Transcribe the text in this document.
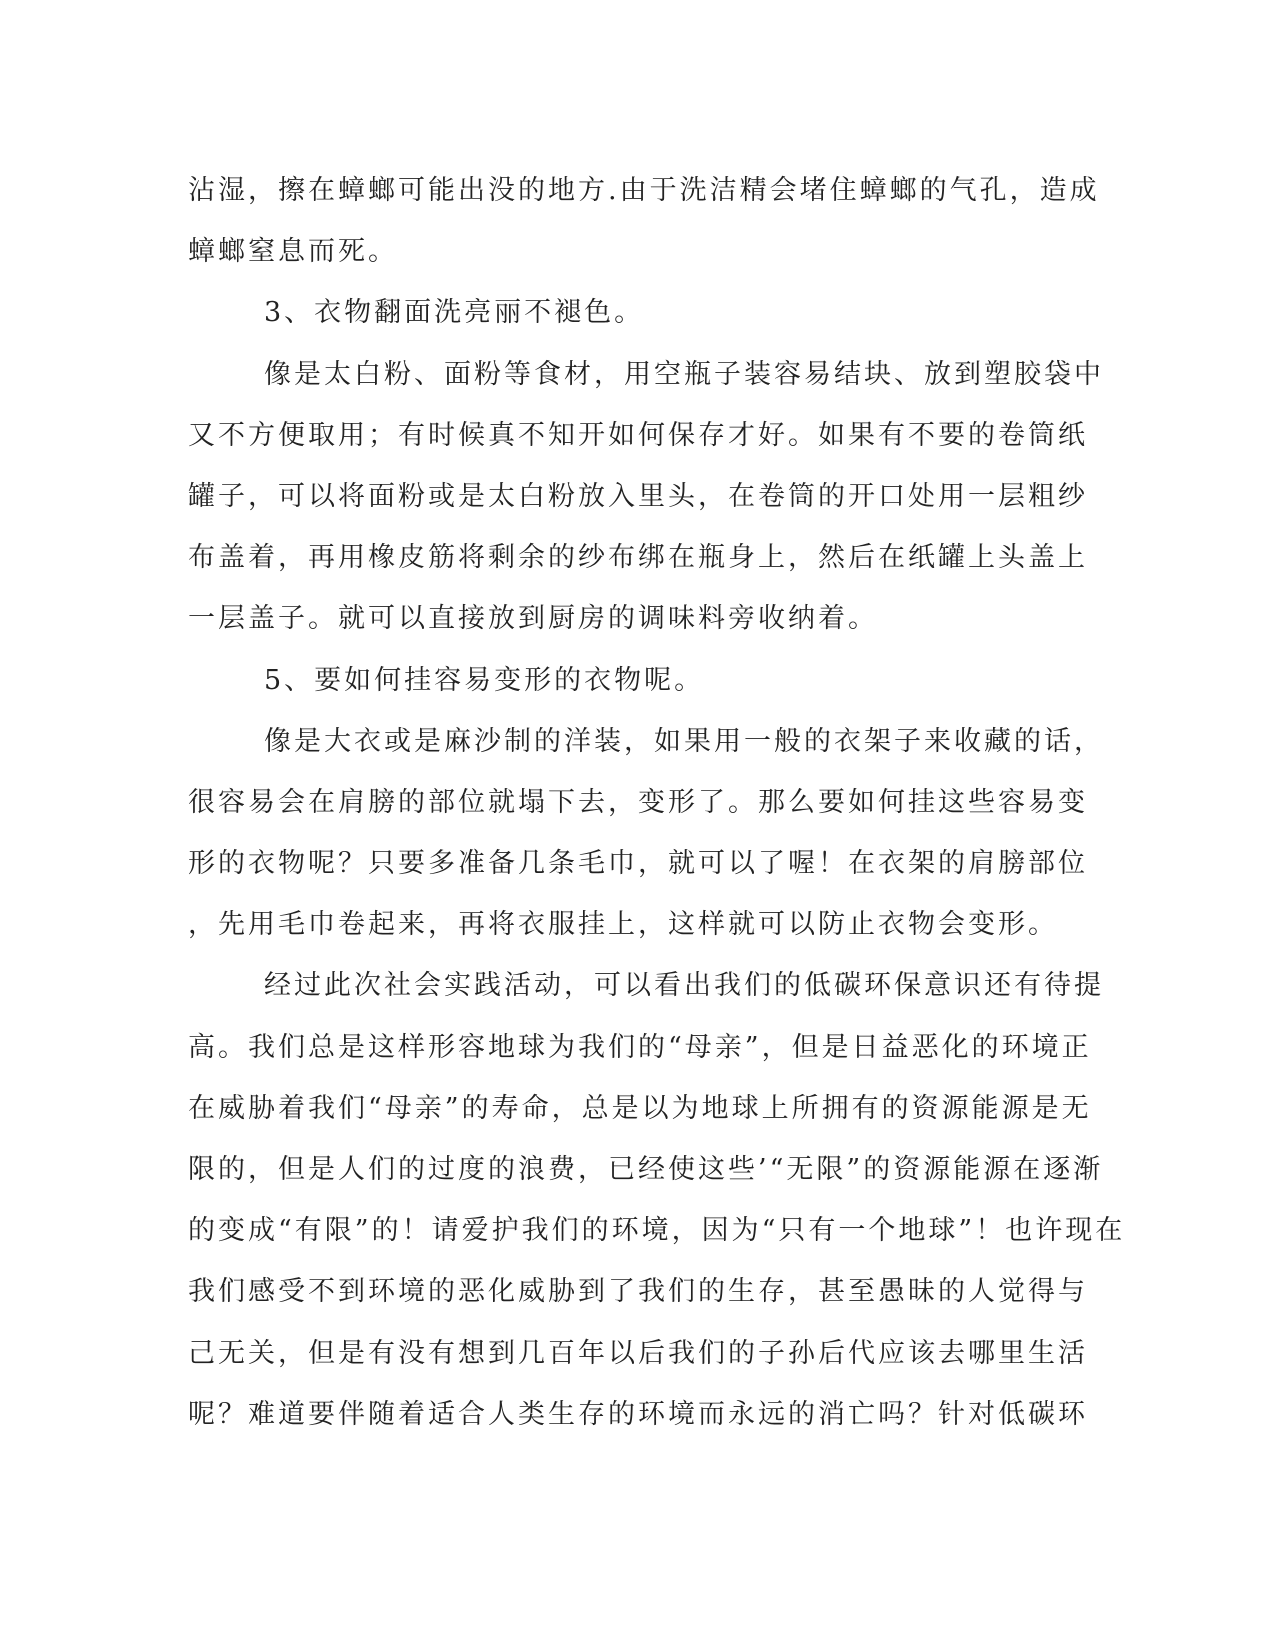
沾湿，擦在蟑螂可能出没的地方.由于洗洁精会堵住蟑螂的气孔，造成
蟑螂窒息而死。
3、衣物翻面洗亮丽不褪色。
像是太白粉、面粉等食材，用空瓶子装容易结块、放到塑胶袋中
又不方便取用；有时候真不知开如何保存才好。如果有不要的卷筒纸
罐子，可以将面粉或是太白粉放入里头，在卷筒的开口处用一层粗纱
布盖着，再用橡皮筋将剩余的纱布绑在瓶身上，然后在纸罐上头盖上
一层盖子。就可以直接放到厨房的调味料旁收纳着。
5、要如何挂容易变形的衣物呢。
像是大衣或是麻沙制的洋装，如果用一般的衣架子来收藏的话，
很容易会在肩膀的部位就塌下去，变形了。那么要如何挂这些容易变
形的衣物呢？只要多准备几条毛巾，就可以了喔！在衣架的肩膀部位
，先用毛巾卷起来，再将衣服挂上，这样就可以防止衣物会变形。
经过此次社会实践活动，可以看出我们的低碳环保意识还有待提
高。我们总是这样形容地球为我们的“母亲”，但是日益恶化的环境正
在威胁着我们“母亲”的寿命，总是以为地球上所拥有的资源能源是无
限的，但是人们的过度的浪费，已经使这些’“无限”的资源能源在逐渐
的变成“有限”的！请爱护我们的环境，因为“只有一个地球”！也许现在
我们感受不到环境的恶化威胁到了我们的生存，甚至愚昧的人觉得与
己无关，但是有没有想到几百年以后我们的子孙后代应该去哪里生活
呢？难道要伴随着适合人类生存的环境而永远的消亡吗？针对低碳环
